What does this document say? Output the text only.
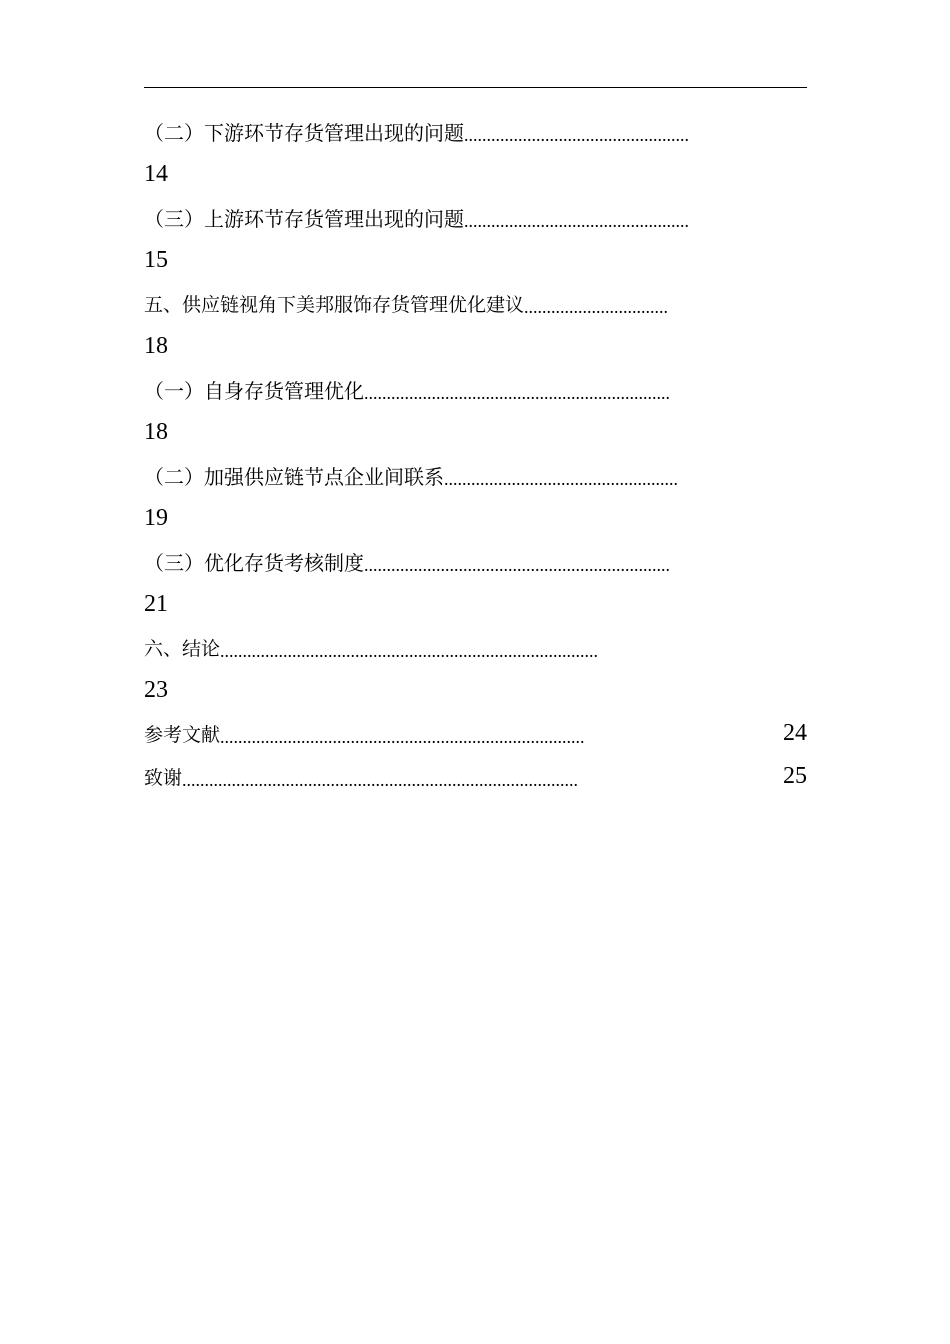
（二）下游环节存货管理出现的问题 ..................................................
14
（三）上游环节存货管理出现的问题 ..................................................
15
五、供应链视角下美邦服饰存货管理优化建议 ................................
18
（一）自身存货管理优化 ....................................................................
18
（二）加强供应链节点企业间联系 ....................................................
19
（三）优化存货考核制度 ....................................................................
21
六、结论 ....................................................................................
23
参考文献 .................................................................................	24
致谢 ........................................................................................	25
